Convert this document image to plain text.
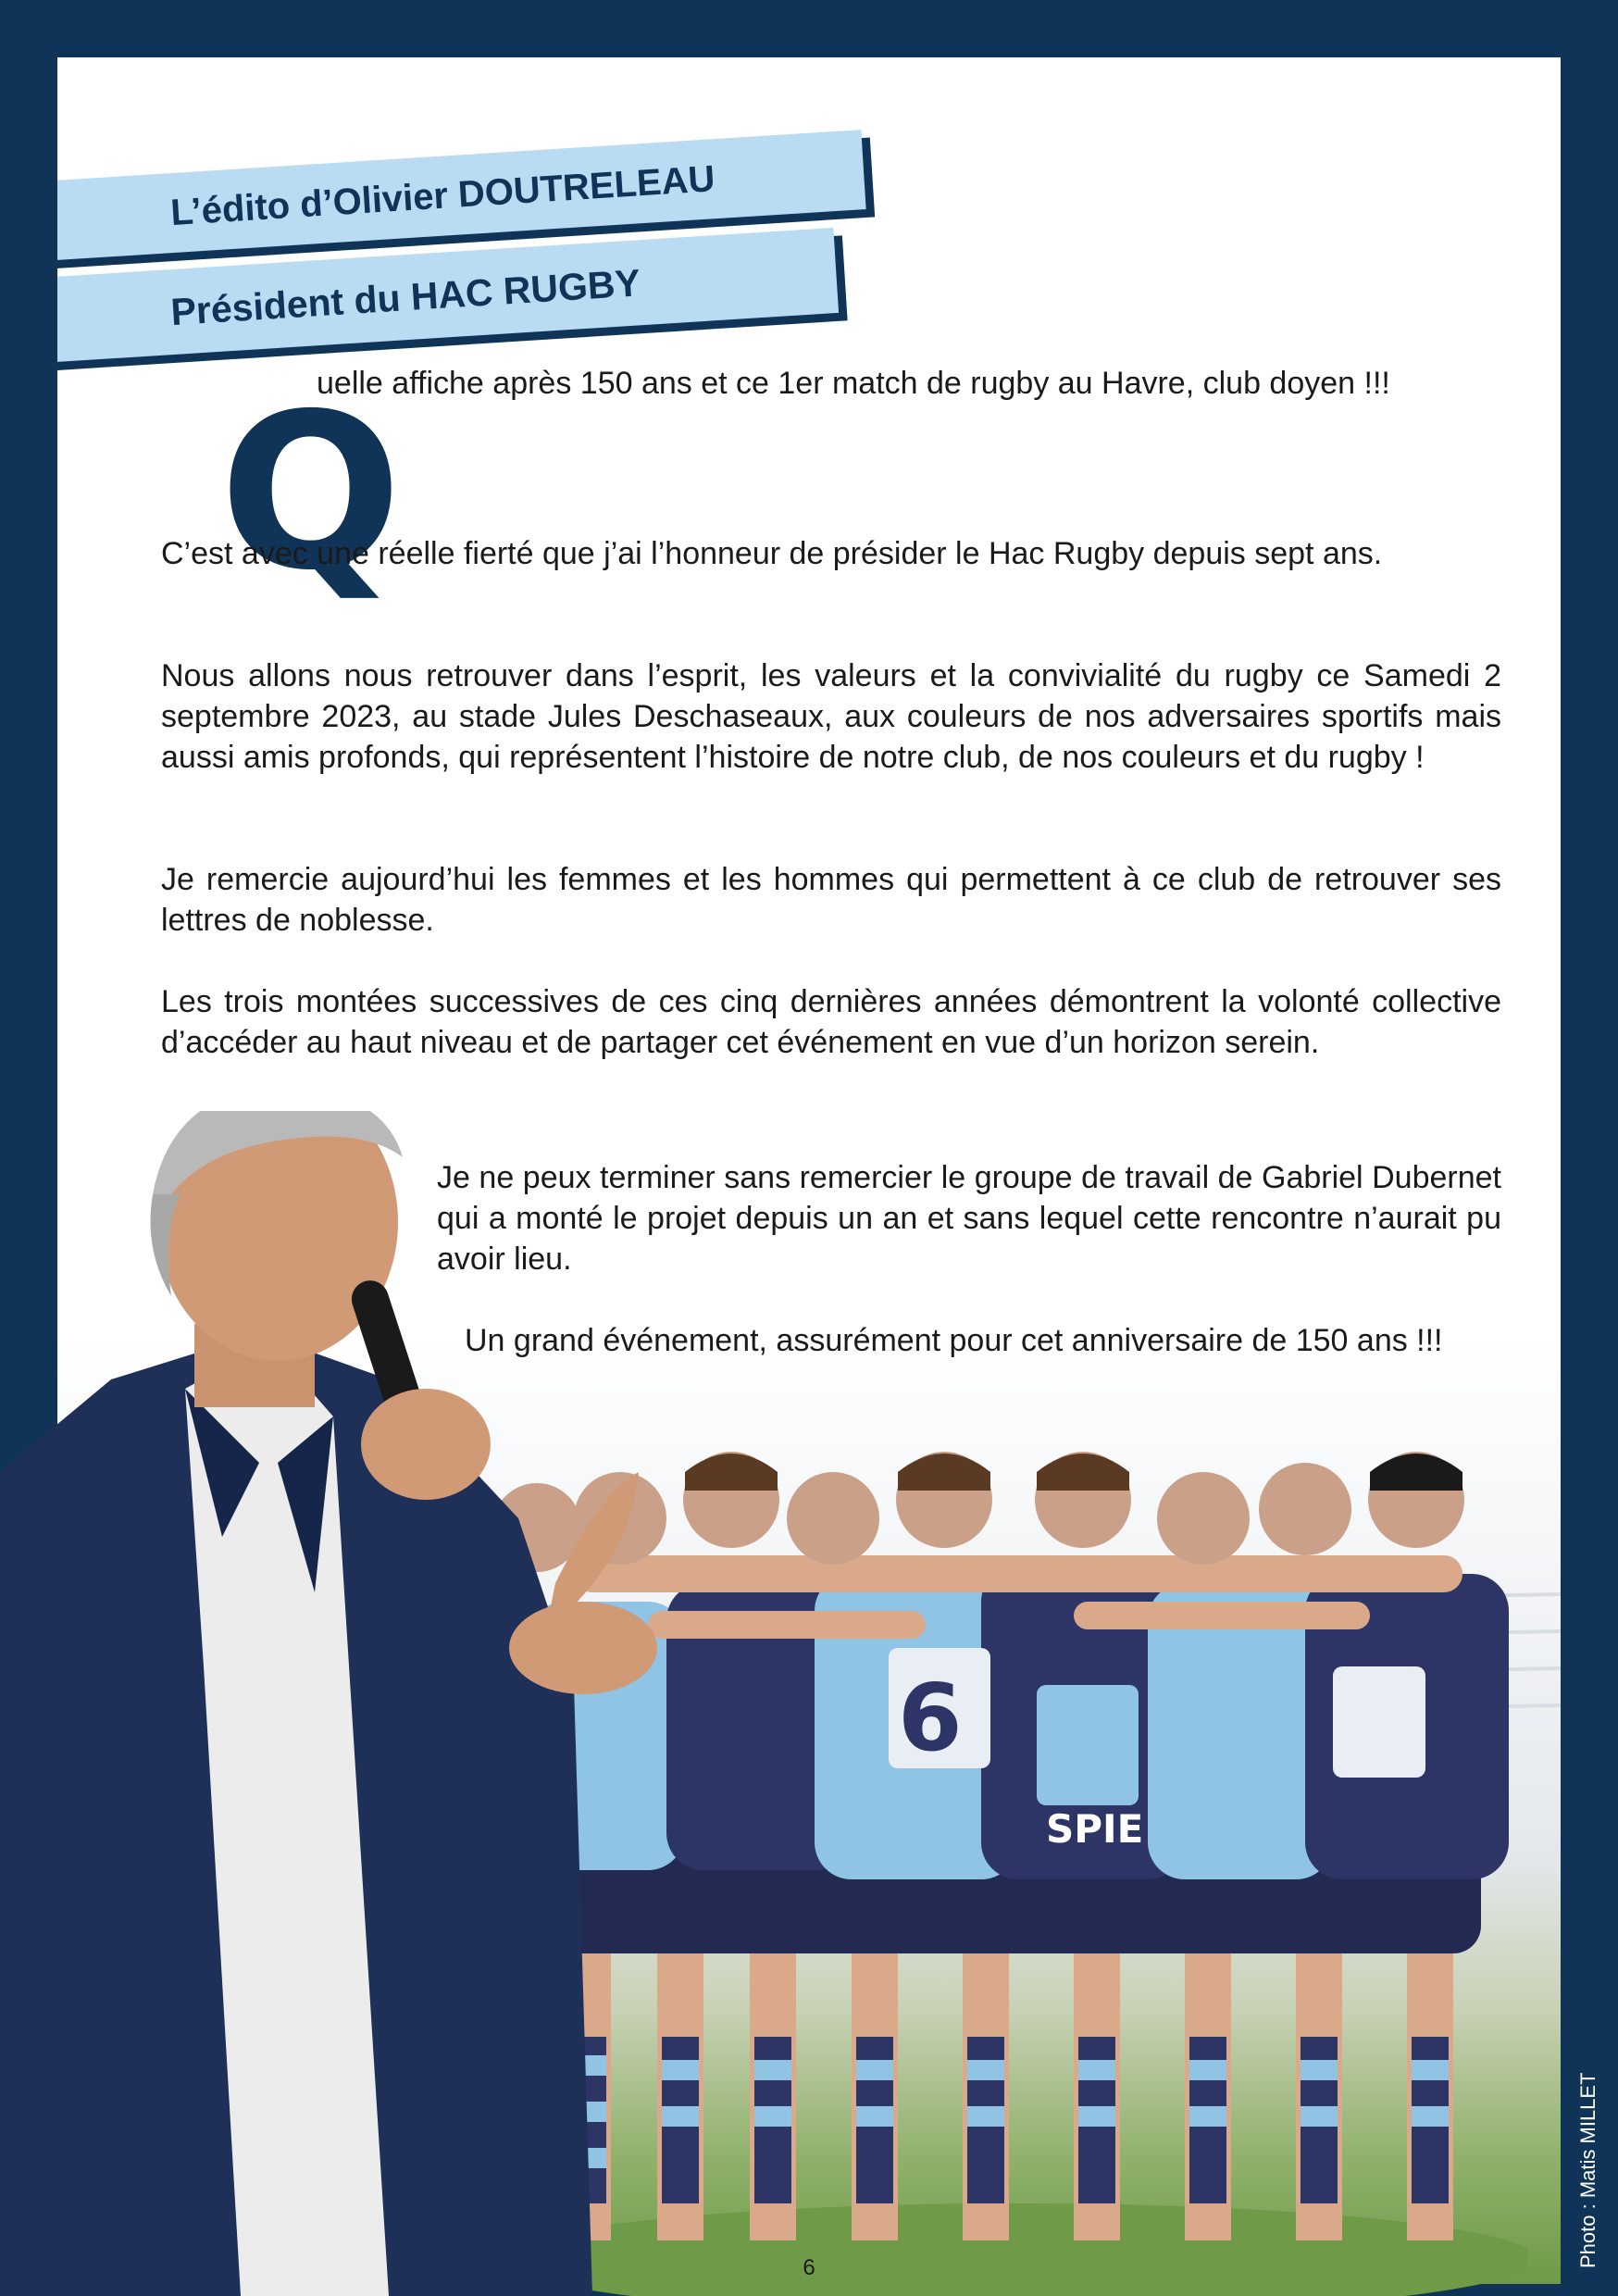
L’édito d’Olivier DOUTRELEAU
Président du HAC RUGBY
Q
uelle affiche après 150 ans et ce 1er match de rugby au Havre, club doyen !!!
C’est avec une réelle fierté que j’ai l’honneur de présider le Hac Rugby depuis sept ans.
Nous allons nous retrouver dans l’esprit, les valeurs et la convivialité du rugby ce Samedi 2 septembre 2023, au stade Jules Deschaseaux, aux couleurs de nos adversaires sportifs mais aussi amis profonds, qui représentent l’histoire de notre club, de nos couleurs et du rugby !
Je remercie aujourd’hui les femmes et les hommes qui permettent à ce club de retrouver ses lettres de noblesse.
Les trois montées successives de ces cinq dernières années démontrent la volonté collective d’accéder au haut niveau et de partager cet événement en vue d’un horizon serein.
Je ne peux terminer sans remercier le groupe de travail de Gabriel Dubernet qui a monté le projet depuis un an et sans lequel cette rencontre n’aurait pu avoir lieu.
Un grand événement, assurément pour cet anniversaire de 150 ans !!!
6
SPIE
Photo : Matis MILLET
6
